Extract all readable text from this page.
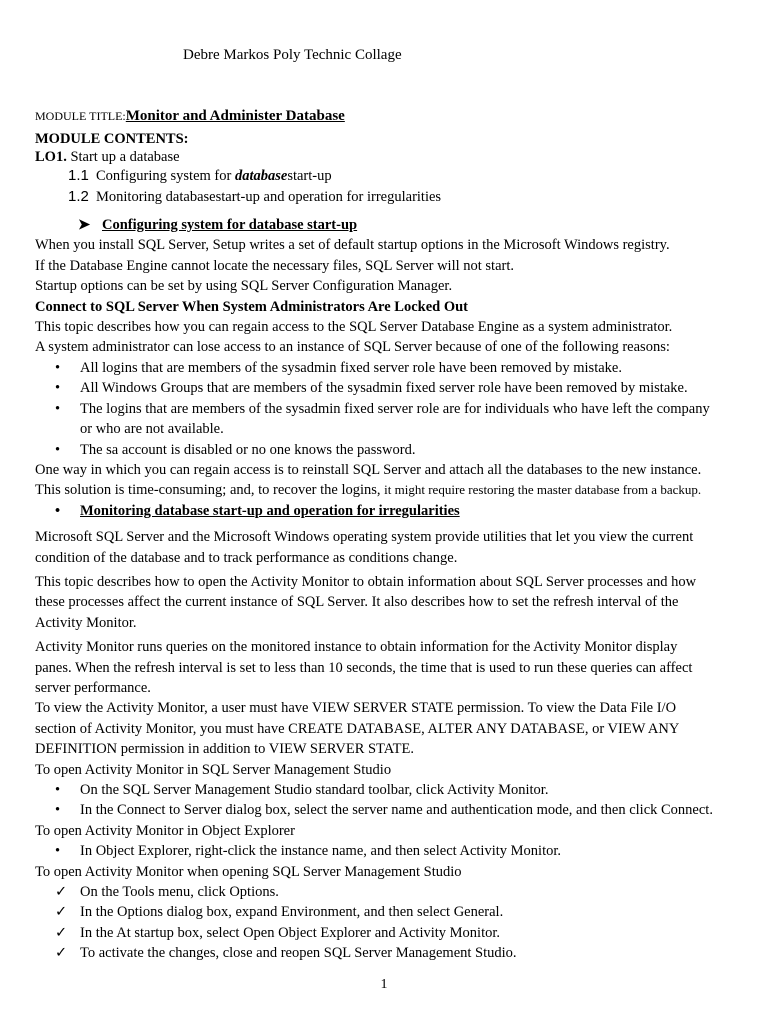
Debre Markos Poly Technic Collage
MODULE TITLE:Monitor and Administer Database
MODULE CONTENTS:
LO1. Start up a database
1.1 Configuring system for databasestart-up
1.2 Monitoring databasestart-up and operation for irregularities
➤ Configuring system for database start-up
When you install SQL Server, Setup writes a set of default startup options in the Microsoft Windows registry.
If the Database Engine cannot locate the necessary files, SQL Server will not start.
Startup options can be set by using SQL Server Configuration Manager.
Connect to SQL Server When System Administrators Are Locked Out
This topic describes how you can regain access to the SQL Server Database Engine as a system administrator.
A system administrator can lose access to an instance of SQL Server because of one of the following reasons:
• All logins that are members of the sysadmin fixed server role have been removed by mistake.
• All Windows Groups that are members of the sysadmin fixed server role have been removed by mistake.
• The logins that are members of the sysadmin fixed server role are for individuals who have left the company
or who are not available.
• The sa account is disabled or no one knows the password.
One way in which you can regain access is to reinstall SQL Server and attach all the databases to the new instance.
This solution is time-consuming; and, to recover the logins, it might require restoring the master database from a backup.
• Monitoring database start-up and operation for irregularities
Microsoft SQL Server and the Microsoft Windows operating system provide utilities that let you view the current
condition of the database and to track performance as conditions change.
This topic describes how to open the Activity Monitor to obtain information about SQL Server processes and how
these processes affect the current instance of SQL Server. It also describes how to set the refresh interval of the
Activity Monitor.
Activity Monitor runs queries on the monitored instance to obtain information for the Activity Monitor display
panes. When the refresh interval is set to less than 10 seconds, the time that is used to run these queries can affect
server performance.
To view the Activity Monitor, a user must have VIEW SERVER STATE permission. To view the Data File I/O
section of Activity Monitor, you must have CREATE DATABASE, ALTER ANY DATABASE, or VIEW ANY
DEFINITION permission in addition to VIEW SERVER STATE.
To open Activity Monitor in SQL Server Management Studio
• On the SQL Server Management Studio standard toolbar, click Activity Monitor.
• In the Connect to Server dialog box, select the server name and authentication mode, and then click Connect.
To open Activity Monitor in Object Explorer
• In Object Explorer, right-click the instance name, and then select Activity Monitor.
To open Activity Monitor when opening SQL Server Management Studio
✓ On the Tools menu, click Options.
✓ In the Options dialog box, expand Environment, and then select General.
✓ In the At startup box, select Open Object Explorer and Activity Monitor.
✓ To activate the changes, close and reopen SQL Server Management Studio.
1
